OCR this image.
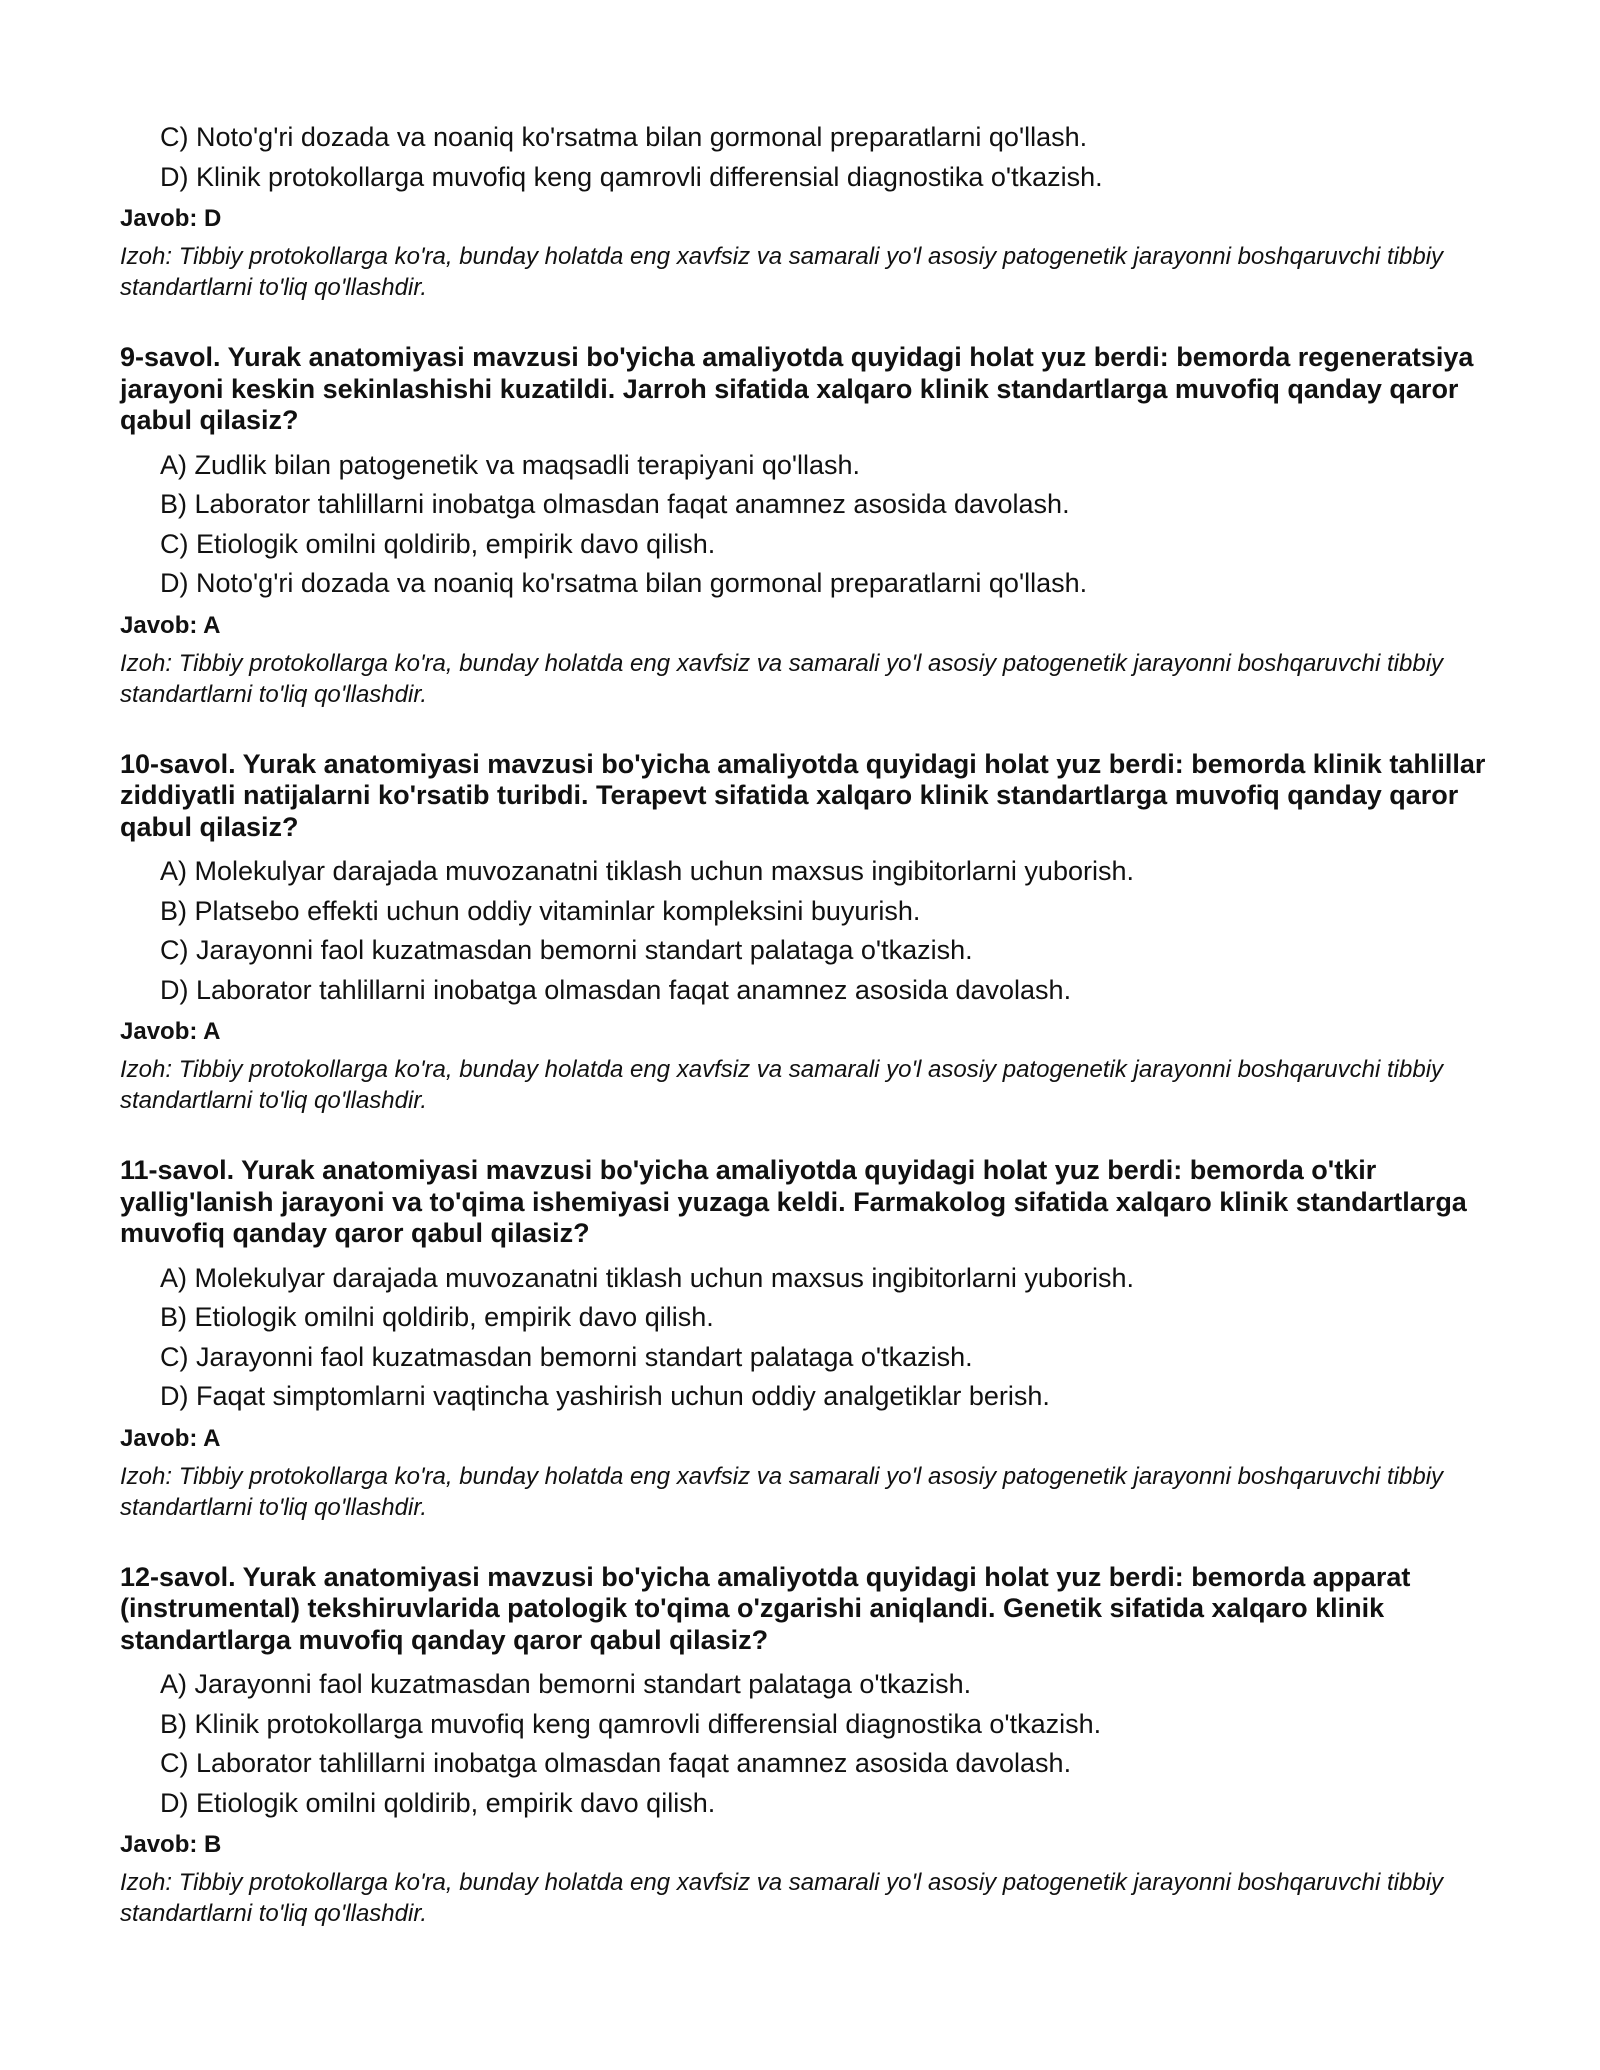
C) Noto'g'ri dozada va noaniq ko'rsatma bilan gormonal preparatlarni qo'llash.
D) Klinik protokollarga muvofiq keng qamrovli differensial diagnostika o'tkazish.
Javob: D
Izoh: Tibbiy protokollarga ko'ra, bunday holatda eng xavfsiz va samarali yo'l asosiy patogenetik jarayonni boshqaruvchi tibbiy standartlarni to'liq qo'llashdir.
9-savol. Yurak anatomiyasi mavzusi bo'yicha amaliyotda quyidagi holat yuz berdi: bemorda regeneratsiya jarayoni keskin sekinlashishi kuzatildi. Jarroh sifatida xalqaro klinik standartlarga muvofiq qanday qaror qabul qilasiz?
A) Zudlik bilan patogenetik va maqsadli terapiyani qo'llash.
B) Laborator tahlillarni inobatga olmasdan faqat anamnez asosida davolash.
C) Etiologik omilni qoldirib, empirik davo qilish.
D) Noto'g'ri dozada va noaniq ko'rsatma bilan gormonal preparatlarni qo'llash.
Javob: A
Izoh: Tibbiy protokollarga ko'ra, bunday holatda eng xavfsiz va samarali yo'l asosiy patogenetik jarayonni boshqaruvchi tibbiy standartlarni to'liq qo'llashdir.
10-savol. Yurak anatomiyasi mavzusi bo'yicha amaliyotda quyidagi holat yuz berdi: bemorda klinik tahlillar ziddiyatli natijalarni ko'rsatib turibdi. Terapevt sifatida xalqaro klinik standartlarga muvofiq qanday qaror qabul qilasiz?
A) Molekulyar darajada muvozanatni tiklash uchun maxsus ingibitorlarni yuborish.
B) Platsebo effekti uchun oddiy vitaminlar kompleksini buyurish.
C) Jarayonni faol kuzatmasdan bemorni standart palataga o'tkazish.
D) Laborator tahlillarni inobatga olmasdan faqat anamnez asosida davolash.
Javob: A
Izoh: Tibbiy protokollarga ko'ra, bunday holatda eng xavfsiz va samarali yo'l asosiy patogenetik jarayonni boshqaruvchi tibbiy standartlarni to'liq qo'llashdir.
11-savol. Yurak anatomiyasi mavzusi bo'yicha amaliyotda quyidagi holat yuz berdi: bemorda o'tkir yallig'lanish jarayoni va to'qima ishemiyasi yuzaga keldi. Farmakolog sifatida xalqaro klinik standartlarga muvofiq qanday qaror qabul qilasiz?
A) Molekulyar darajada muvozanatni tiklash uchun maxsus ingibitorlarni yuborish.
B) Etiologik omilni qoldirib, empirik davo qilish.
C) Jarayonni faol kuzatmasdan bemorni standart palataga o'tkazish.
D) Faqat simptomlarni vaqtincha yashirish uchun oddiy analgetiklar berish.
Javob: A
Izoh: Tibbiy protokollarga ko'ra, bunday holatda eng xavfsiz va samarali yo'l asosiy patogenetik jarayonni boshqaruvchi tibbiy standartlarni to'liq qo'llashdir.
12-savol. Yurak anatomiyasi mavzusi bo'yicha amaliyotda quyidagi holat yuz berdi: bemorda apparat (instrumental) tekshiruvlarida patologik to'qima o'zgarishi aniqlandi. Genetik sifatida xalqaro klinik standartlarga muvofiq qanday qaror qabul qilasiz?
A) Jarayonni faol kuzatmasdan bemorni standart palataga o'tkazish.
B) Klinik protokollarga muvofiq keng qamrovli differensial diagnostika o'tkazish.
C) Laborator tahlillarni inobatga olmasdan faqat anamnez asosida davolash.
D) Etiologik omilni qoldirib, empirik davo qilish.
Javob: B
Izoh: Tibbiy protokollarga ko'ra, bunday holatda eng xavfsiz va samarali yo'l asosiy patogenetik jarayonni boshqaruvchi tibbiy standartlarni to'liq qo'llashdir.
